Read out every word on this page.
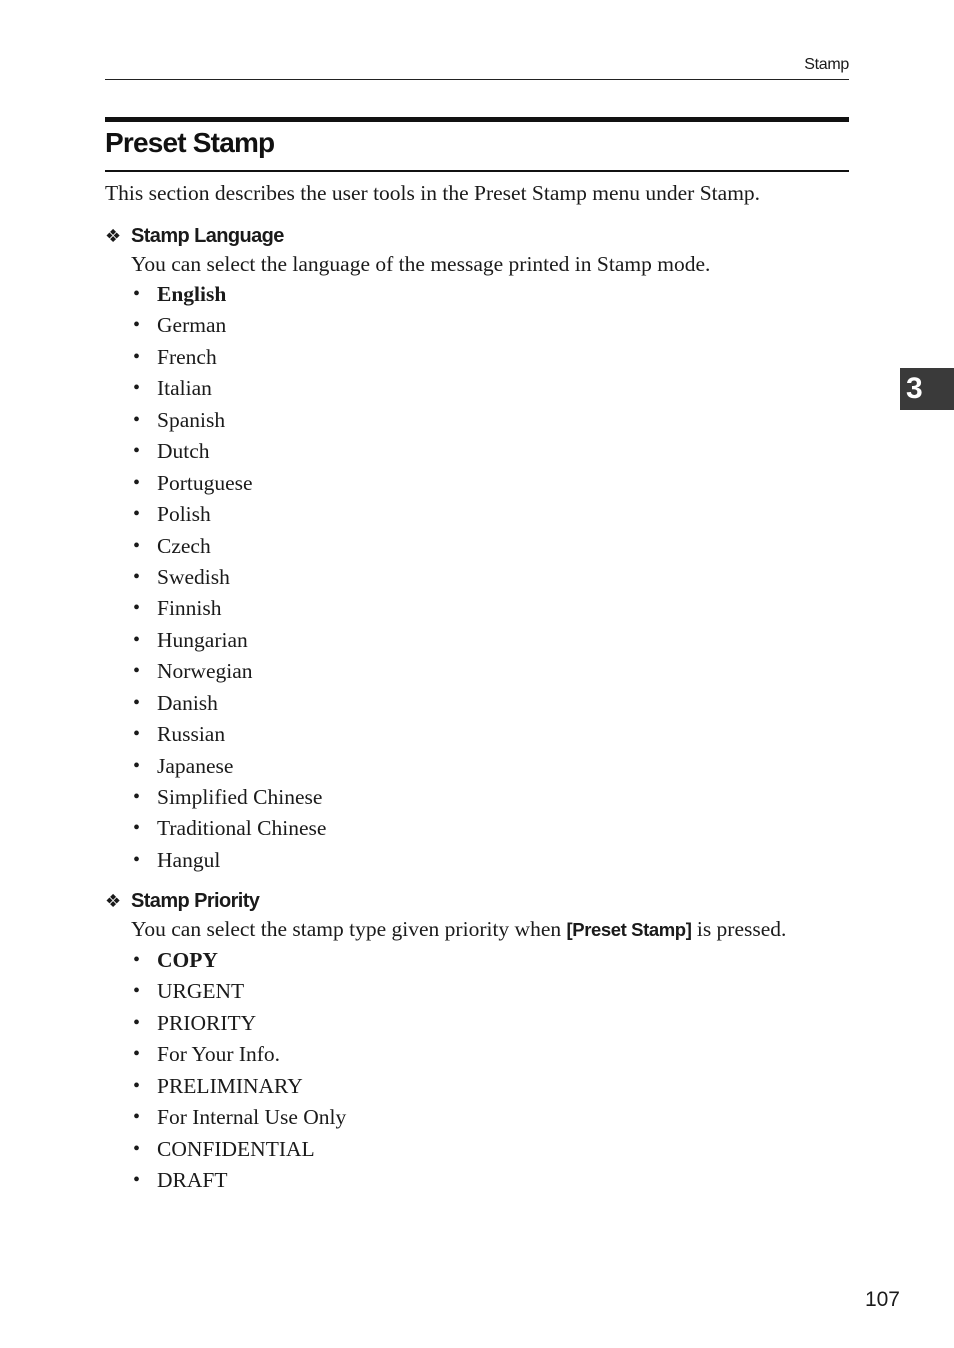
Stamp
Preset Stamp

This section describes the user tools in the Preset Stamp menu under Stamp.

❖ Stamp Language

You can select the language of the message printed in Stamp mode.

• English
• German
• French
• Italian
• Spanish
• Dutch
• Portuguese
• Polish
• Czech
• Swedish
• Finnish
• Hungarian
• Norwegian
• Danish
• Russian
• Japanese
• Simplified Chinese
• Traditional Chinese
• Hangul
❖ Stamp Priority

You can select the stamp type given priority when [Preset Stamp] is pressed.

• COPY
• URGENT
• PRIORITY
• For Your Info.
• PRELIMINARY
• For Internal Use Only
• CONFIDENTIAL
• DRAFT
3
107
